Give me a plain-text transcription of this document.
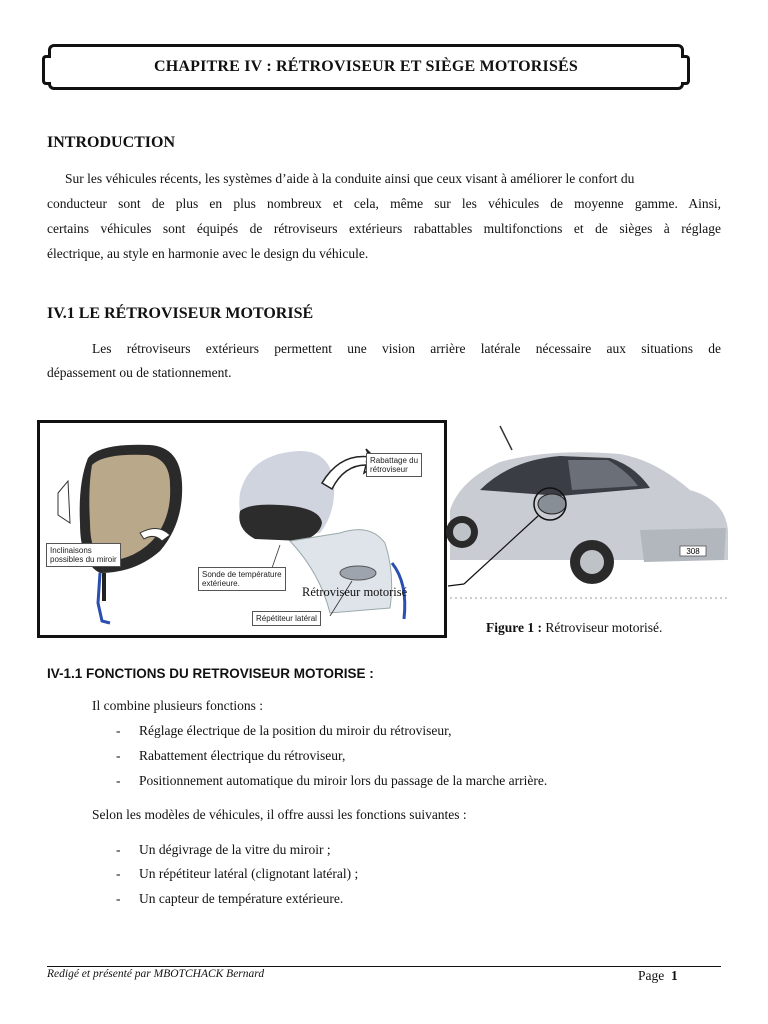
CHAPITRE IV : RÉTROVISEUR ET SIÈGE MOTORISÉS
INTRODUCTION

Sur les véhicules récents, les systèmes d’aide à la conduite ainsi que ceux visant à améliorer le confort du

conducteur sont de plus en plus nombreux et cela, même sur les véhicules de moyenne gamme. Ainsi,

certains véhicules sont équipés de rétroviseurs extérieurs rabattables multifonctions et de sièges à réglage

électrique, au style en harmonie avec le design du véhicule.

IV.1 LE RÉTROVISEUR MOTORISÉ

Les rétroviseurs extérieurs permettent une vision arrière latérale nécessaire aux situations de

dépassement ou de stationnement.

Rabattage du
rétroviseur
Inclinaisons
possibles du miroir
Sonde de température
extérieure.
Répétiteur latéral
Rétroviseur motorisé
308
Figure 1 : Rétroviseur motorisé.
IV-1.1 FONCTIONS DU RETROVISEUR MOTORISE :
Il combine plusieurs fonctions :
- Réglage électrique de la position du miroir du rétroviseur,
- Rabattement électrique du rétroviseur,
- Positionnement automatique du miroir lors du passage de la marche arrière.
Selon les modèles de véhicules, il offre aussi les fonctions suivantes :
- Un dégivrage de la vitre du miroir ;
- Un répétiteur latéral (clignotant latéral) ;
- Un capteur de température extérieure.
Redigé et présenté par MBOTCHACK Bernard	Page 1
